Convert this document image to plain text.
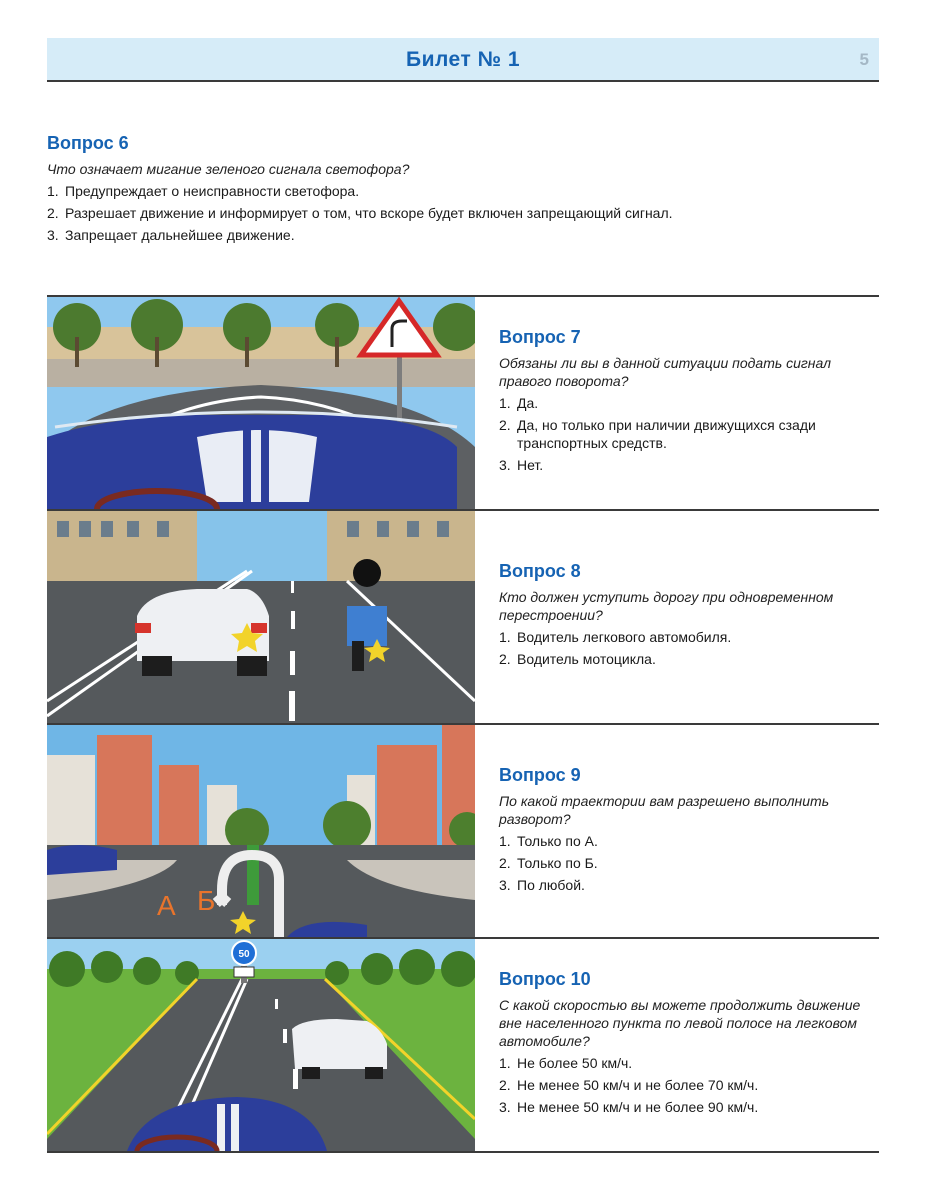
Билет № 1	5
Вопрос 6
Что означает мигание зеленого сигнала светофора?
1. Предупреждает о неисправности светофора.
2. Разрешает движение и информирует о том, что вскоре будет включен запрещающий сигнал.
3. Запрещает дальнейшее движение.
Вопрос 7
Обязаны ли вы в данной ситуации подать сигнал правого поворота?
1. Да.
2. Да, но только при наличии движущихся сзади транспортных средств.
3. Нет.
Вопрос 8
Кто должен уступить дорогу при одновременном перестроении?
1. Водитель легкового автомобиля.
2. Водитель мотоцикла.
А Б
Вопрос 9
По какой траектории вам разрешено выполнить разворот?
1. Только по А.
2. Только по Б.
3. По любой.
50
Вопрос 10
С какой скоростью вы можете продолжить движение вне населенного пункта по левой полосе на легковом автомобиле?
1. Не более 50 км/ч.
2. Не менее 50 км/ч и не более 70 км/ч.
3. Не менее 50 км/ч и не более 90 км/ч.
